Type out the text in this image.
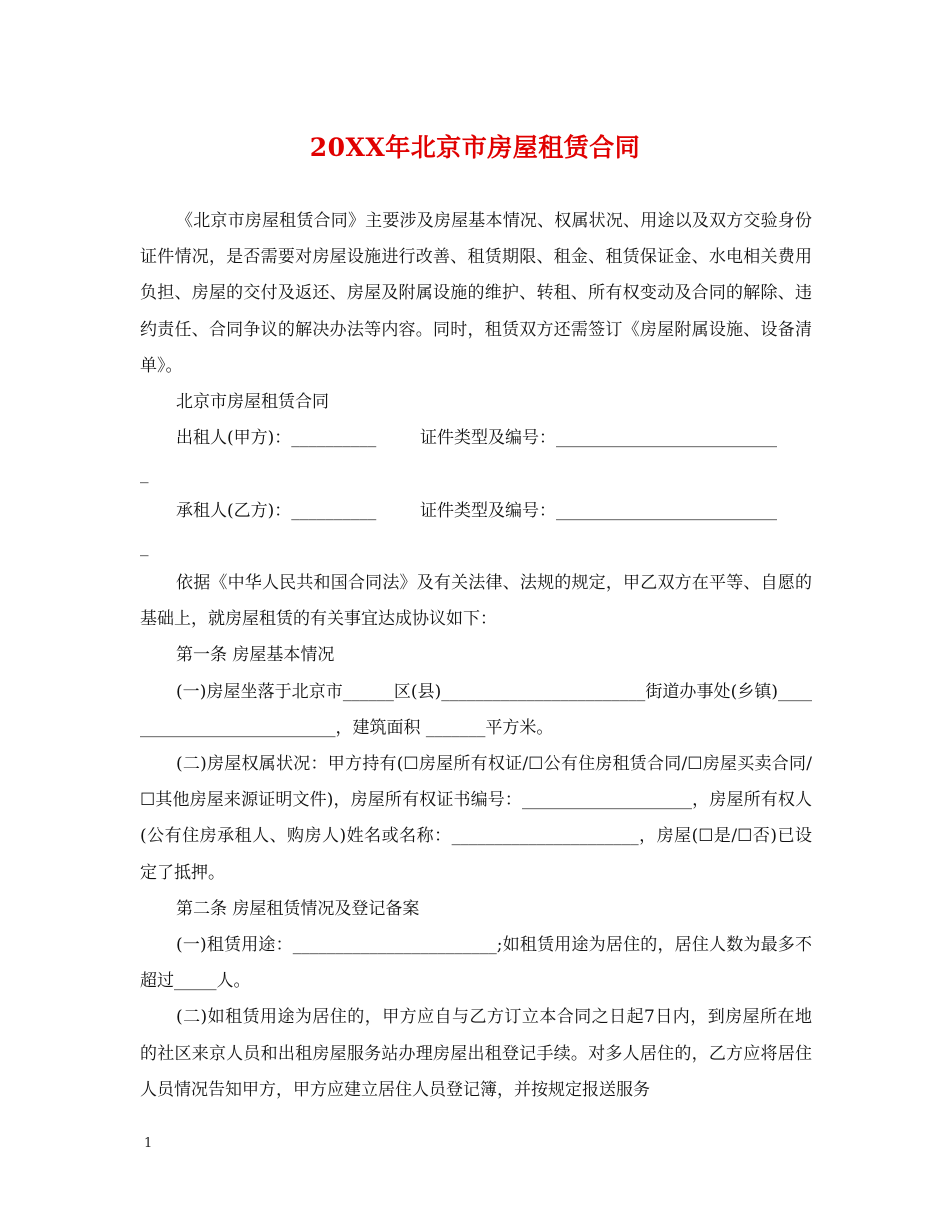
20XX年北京市房屋租赁合同

《北京市房屋租赁合同》主要涉及房屋基本情况、权属状况、用途以及双方交验身份证件情况，是否需要对房屋设施进行改善、租赁期限、租金、租赁保证金、水电相关费用负担、房屋的交付及返还、房屋及附属设施的维护、转租、所有权变动及合同的解除、违约责任、合同争议的解决办法等内容。同时，租赁双方还需签订《房屋附属设施、设备清单》。

北京市房屋租赁合同

出租人(甲方)：__________	证件类型及编号：__________________________
_
承租人(乙方)：__________	证件类型及编号：__________________________
_

依据《中华人民共和国合同法》及有关法律、法规的规定，甲乙双方在平等、自愿的基础上，就房屋租赁的有关事宜达成协议如下：

第一条 房屋基本情况

(一)房屋坐落于北京市______区(县)________________________街道办事处(乡镇)___________________________，建筑面积 _______平方米。

(二)房屋权属状况：甲方持有(☐房屋所有权证/☐公有住房租赁合同/☐房屋买卖合同/☐其他房屋来源证明文件)，房屋所有权证书编号：____________________，房屋所有权人(公有住房承租人、购房人)姓名或名称：______________________，房屋(☐是/☐否)已设定了抵押。

第二条 房屋租赁情况及登记备案

(一)租赁用途：________________________;如租赁用途为居住的，居住人数为最多不超过_____人。

(二)如租赁用途为居住的，甲方应自与乙方订立本合同之日起7日内，到房屋所在地的社区来京人员和出租房屋服务站办理房屋出租登记手续。对多人居住的，乙方应将居住人员情况告知甲方，甲方应建立居住人员登记簿，并按规定报送服务

1
